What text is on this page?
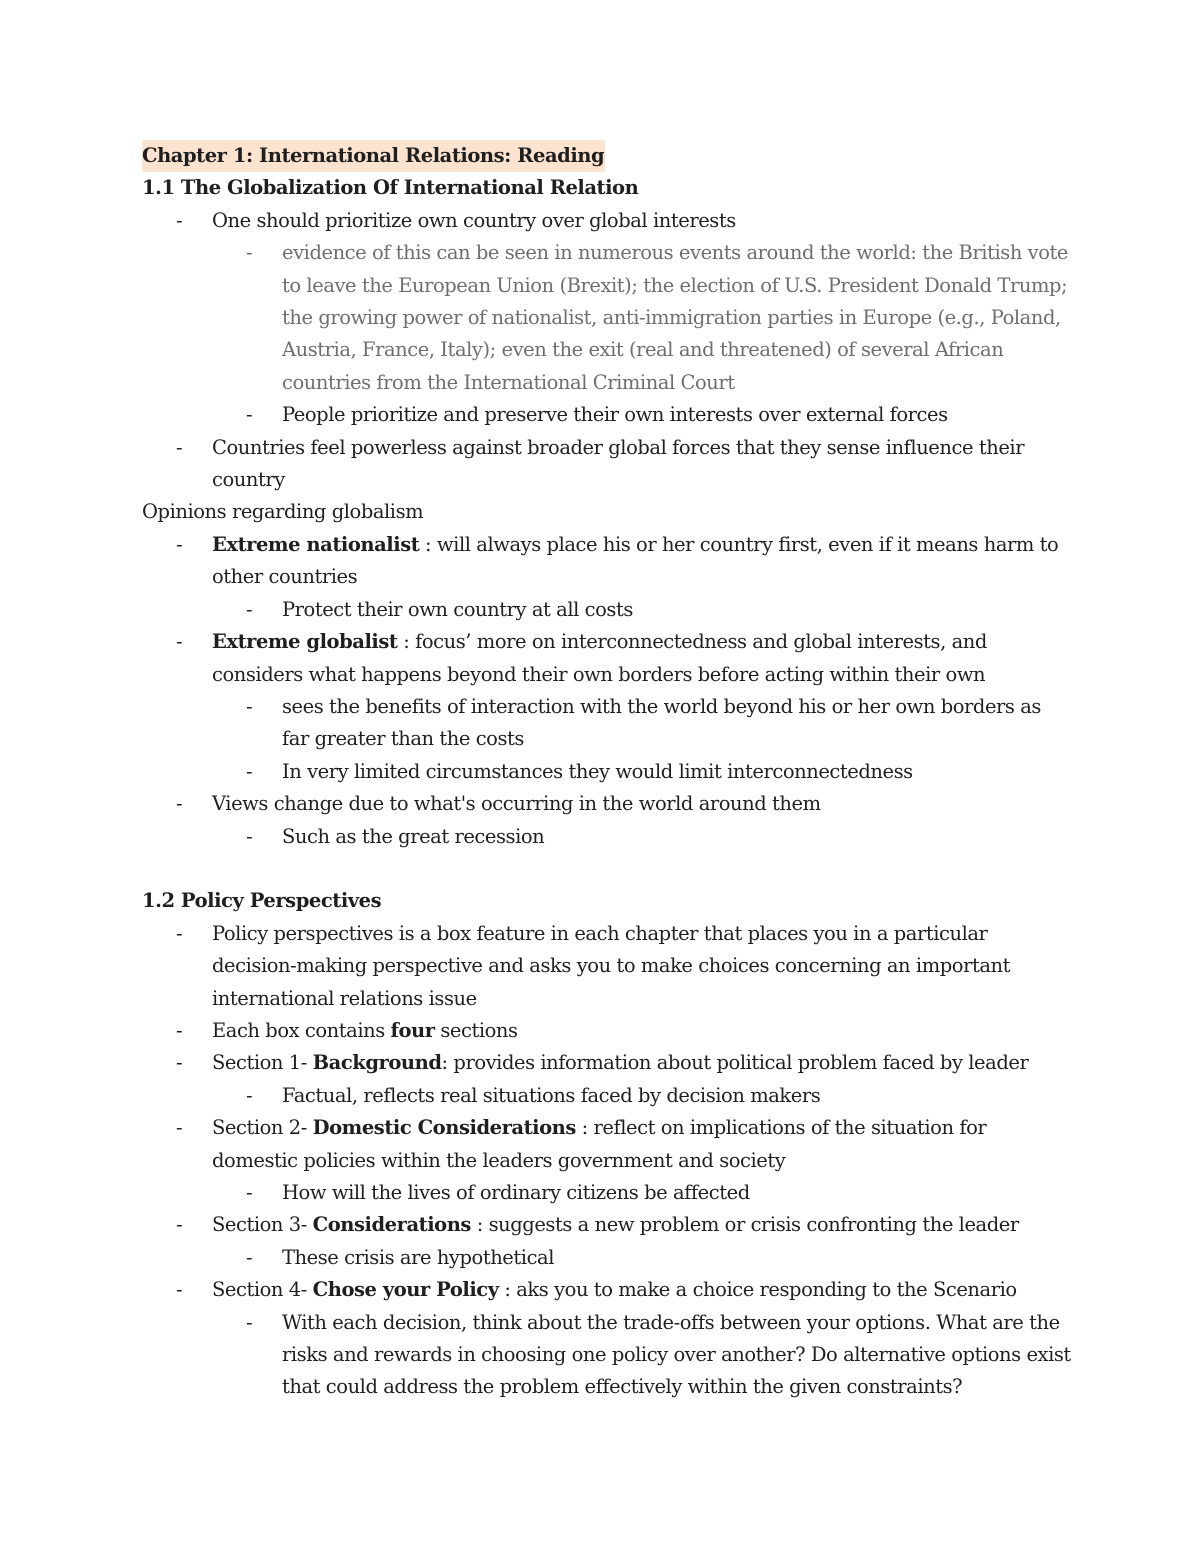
Chapter 1: International Relations: Reading
1.1 The Globalization Of International Relation
-	One should prioritize own country over global interests
-	evidence of this can be seen in numerous events around the world: the British vote to leave the European Union (Brexit); the election of U.S. President Donald Trump; the growing power of nationalist, anti-immigration parties in Europe (e.g., Poland, Austria, France, Italy); even the exit (real and threatened) of several African countries from the International Criminal Court
-	People prioritize and preserve their own interests over external forces
-	Countries feel powerless against broader global forces that they sense influence their country
Opinions regarding globalism
-	Extreme nationalist : will always place his or her country first, even if it means harm to other countries
-	Protect their own country at all costs
-	Extreme globalist : focus’ more on interconnectedness and global interests, and considers what happens beyond their own borders before acting within their own
-	sees the benefits of interaction with the world beyond his or her own borders as far greater than the costs
-	In very limited circumstances they would limit interconnectedness
-	Views change due to what's occurring in the world around them
-	Such as the great recession
1.2 Policy Perspectives
-	Policy perspectives is a box feature in each chapter that places you in a particular decision-making perspective and asks you to make choices concerning an important international relations issue
-	Each box contains four sections
-	Section 1- Background: provides information about political problem faced by leader
-	Factual, reflects real situations faced by decision makers
-	Section 2- Domestic Considerations : reflect on implications of the situation for domestic policies within the leaders government and society
-	How will the lives of ordinary citizens be affected
-	Section 3- Considerations : suggests a new problem or crisis confronting the leader
-	These crisis are hypothetical
-	Section 4- Chose your Policy : aks you to make a choice responding to the Scenario
-	With each decision, think about the trade-offs between your options. What are the risks and rewards in choosing one policy over another? Do alternative options exist that could address the problem effectively within the given constraints?
